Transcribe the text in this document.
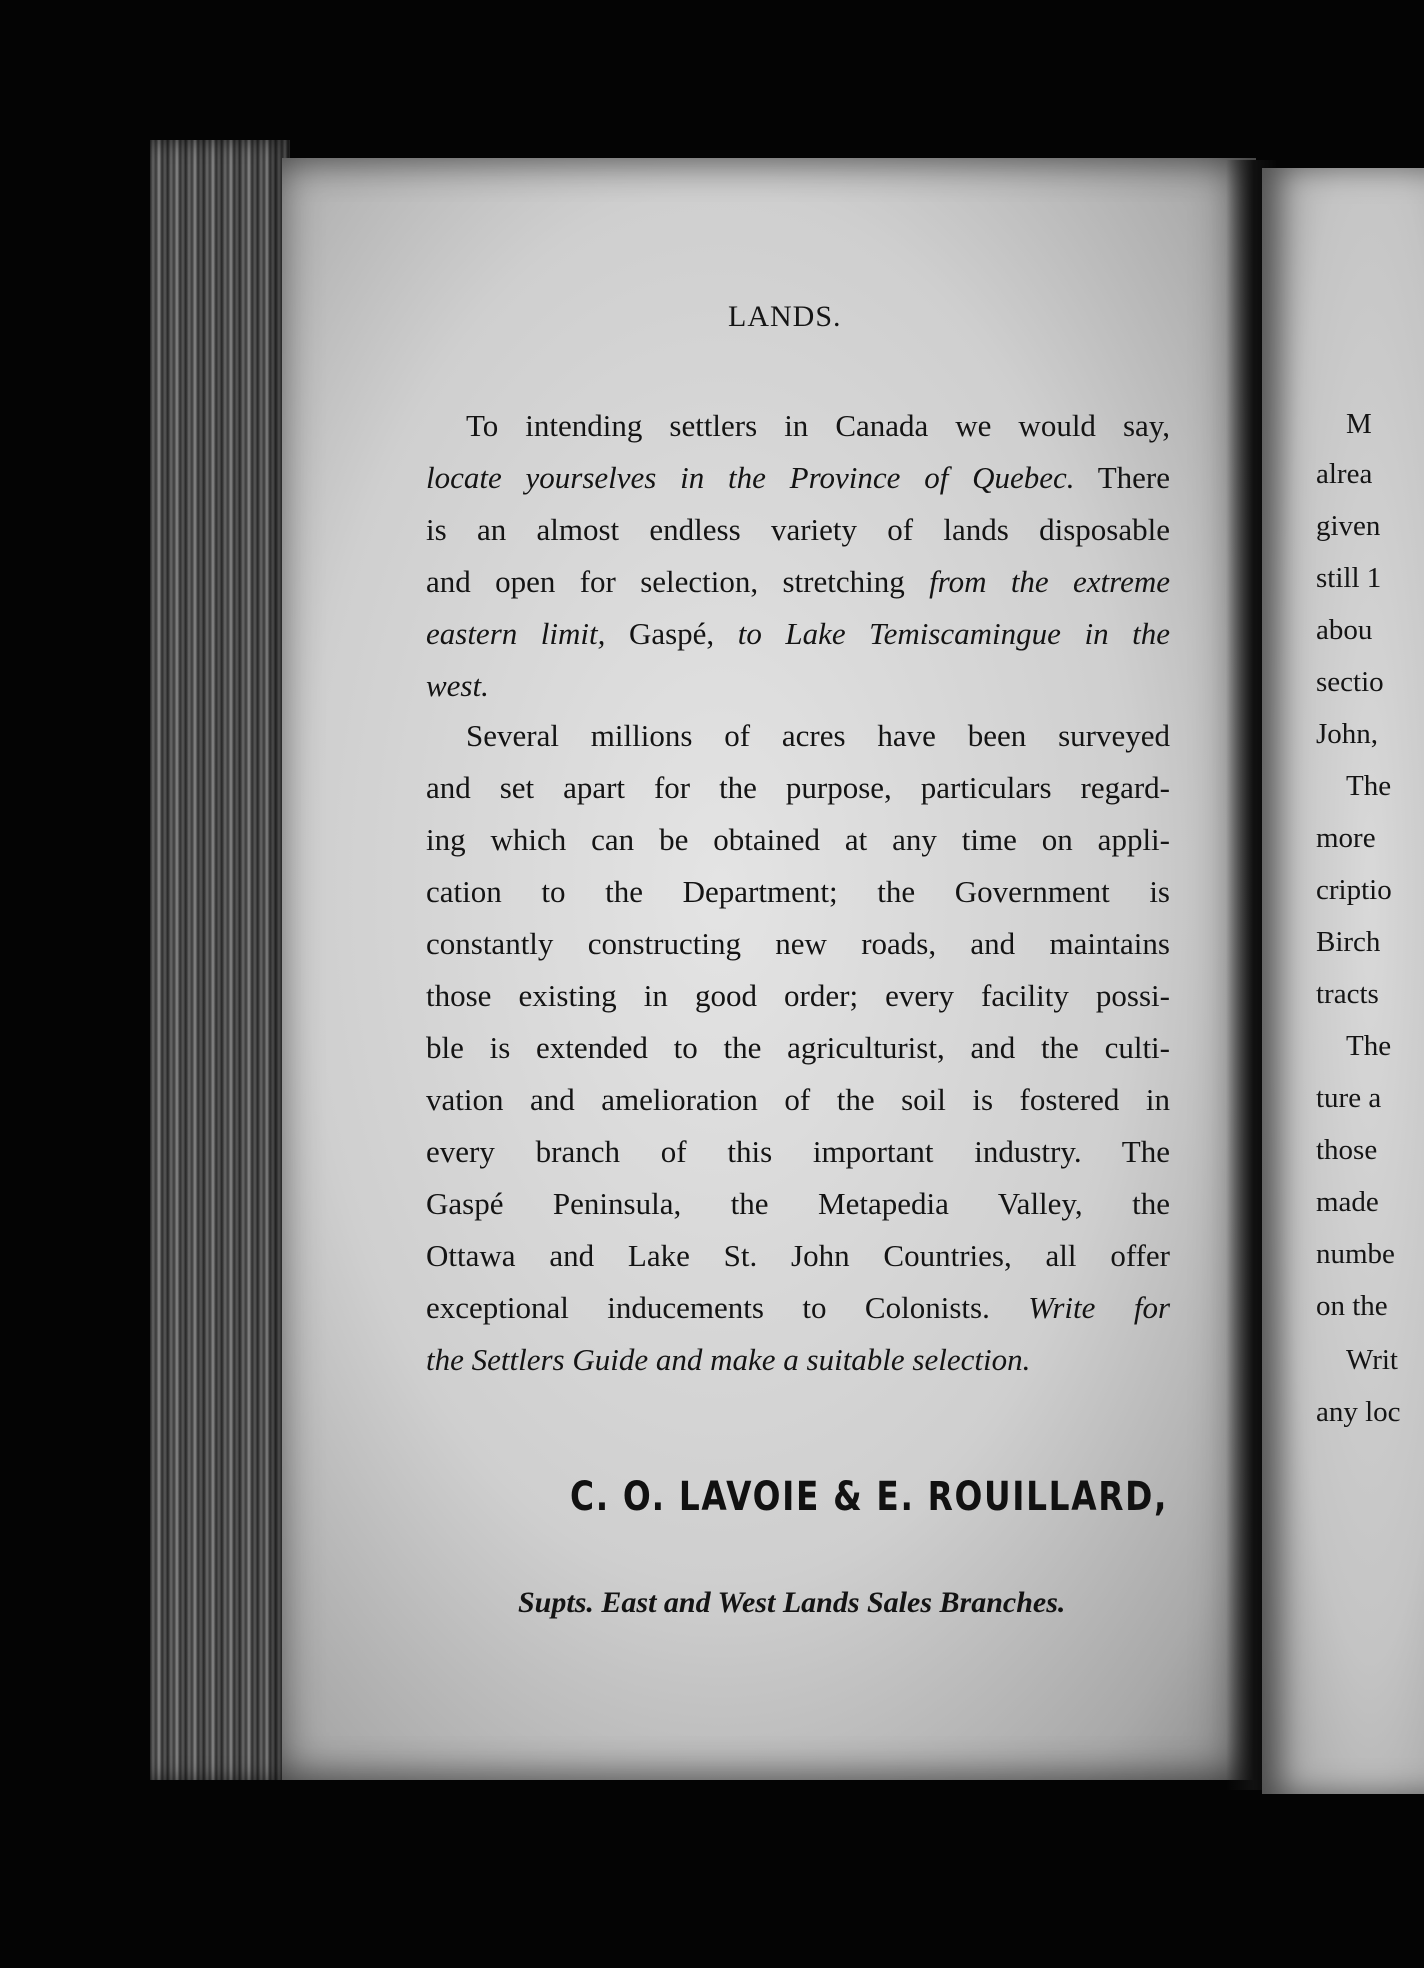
LANDS.

To intending settlers in Canada we would say,

locate yourselves in the Province of Quebec. There

is an almost endless variety of lands disposable

and open for selection, stretching from the extreme

eastern limit, Gaspé, to Lake Temiscamingue in the

west.

Several millions of acres have been surveyed

and set apart for the purpose, particulars regard-

ing which can be obtained at any time on appli-

cation to the Department; the Government is

constantly constructing new roads, and maintains

those existing in good order; every facility possi-

ble is extended to the agriculturist, and the culti-

vation and amelioration of the soil is fostered in

every branch of this important industry. The

Gaspé Peninsula, the Metapedia Valley, the

Ottawa and Lake St. John Countries, all offer

exceptional inducements to Colonists. Write for

the Settlers Guide and make a suitable selection.

C. O. LAVOIE & E. ROUILLARD,

Supts. East and West Lands Sales Branches.

M

alrea

given

still 1

abou

sectio

John,

The

more

criptio

Birch

tracts

The

ture a

those

made

numbe

on the

Writ

any loc
